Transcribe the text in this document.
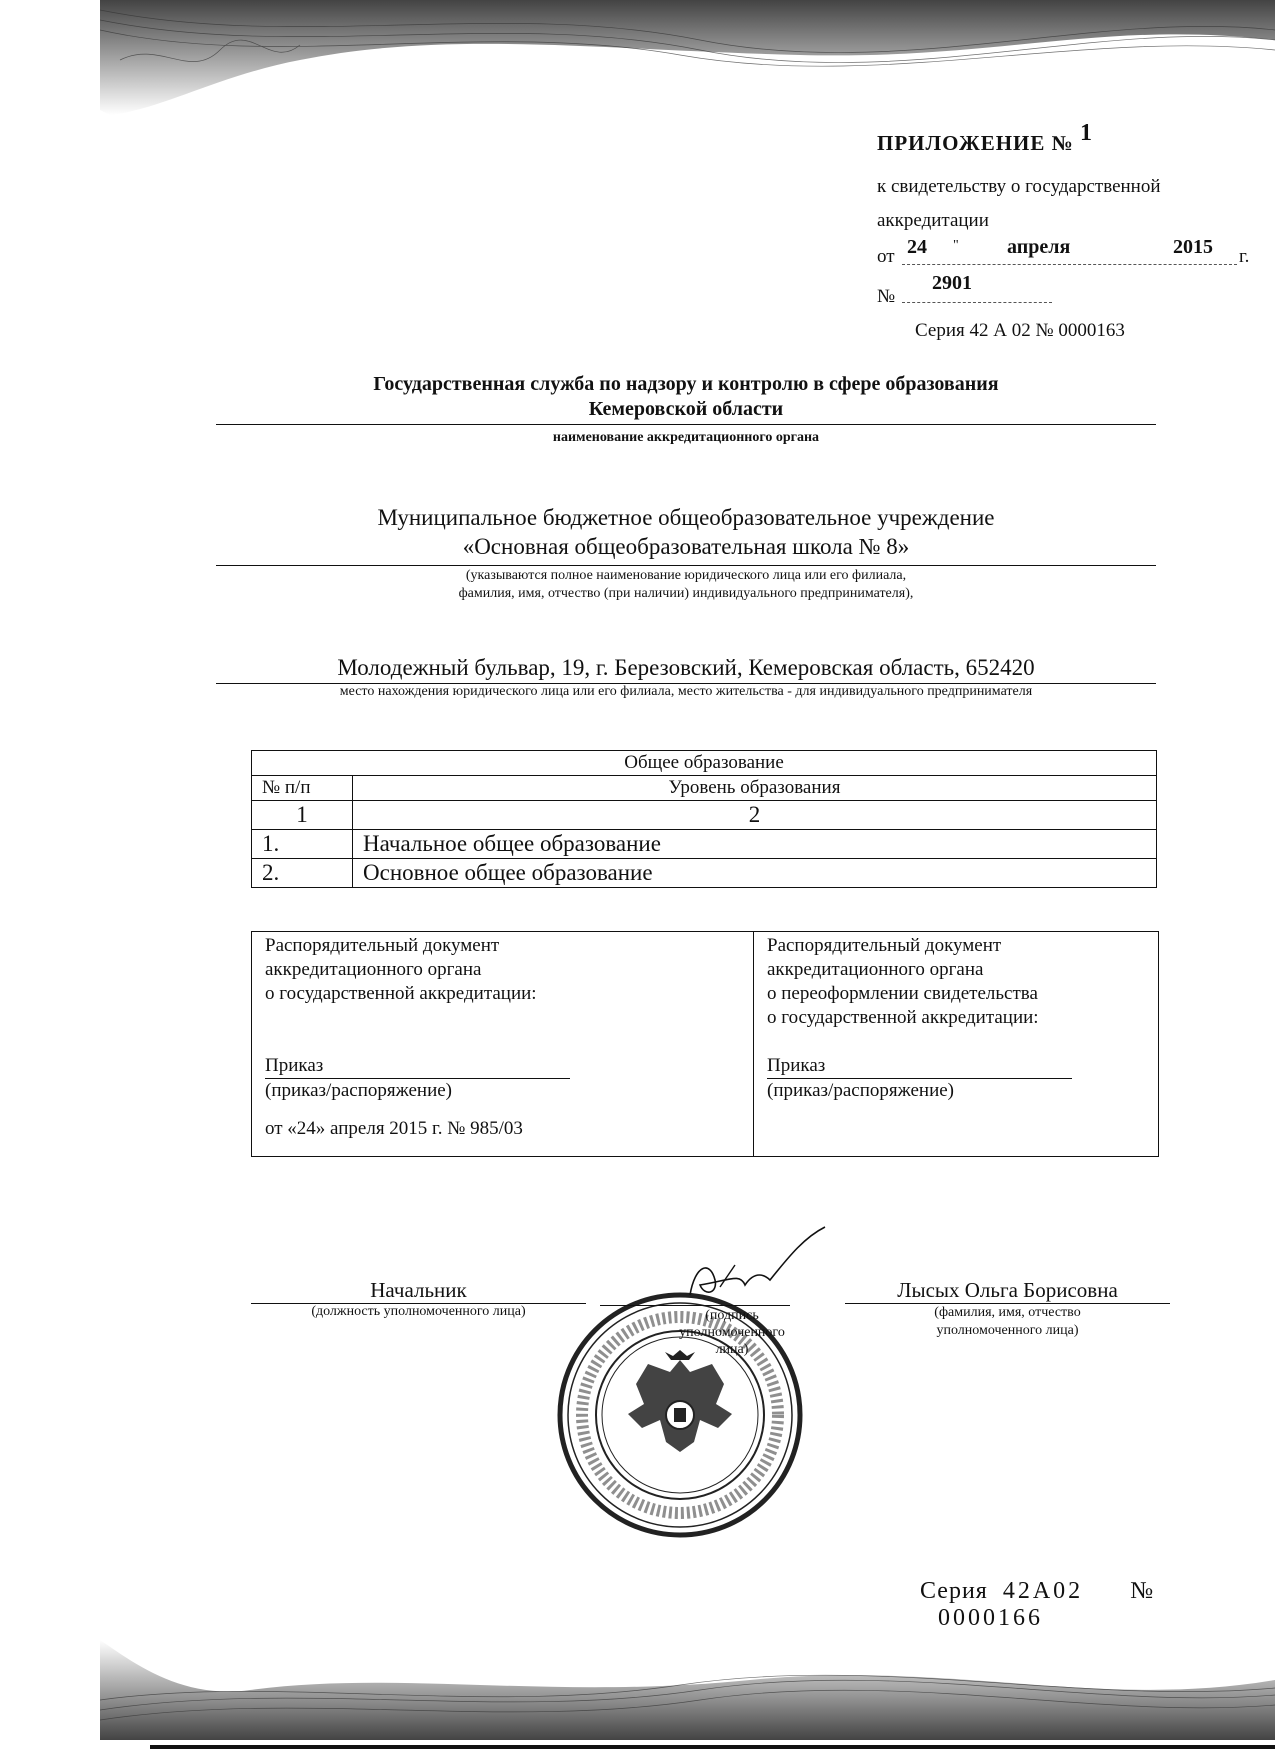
ПРИЛОЖЕНИЕ № 1
к свидетельству о государственной
аккредитации
от 24 " апреля	2015 г.
№
2901
Серия 42 А 02 № 0000163
Государственная служба по надзору и контролю в сфере образования
Кемеровской области
наименование аккредитационного органа
Муниципальное бюджетное общеобразовательное учреждение
«Основная общеобразовательная школа № 8»
(указываются полное наименование юридического лица или его филиала,
фамилия, имя, отчество (при наличии) индивидуального предпринимателя),
Молодежный бульвар, 19, г. Березовский, Кемеровская область, 652420
место нахождения юридического лица или его филиала, место жительства - для индивидуального предпринимателя
Общее образование	
№ п/п	Уровень образования
1	2
1.	Начальное общее образование
2.	Основное общее образование
Распорядительный документ
аккредитационного органа
о государственной аккредитации:
Приказ
(приказ/распоряжение)
от «24» апреля 2015 г. № 985/03
Распорядительный документ
аккредитационного органа
о переоформлении свидетельства
о государственной аккредитации:
Приказ
(приказ/распоряжение)
Начальник
(должность уполномоченного лица)	(подпись
уполномоченного
лица)
Лысых Ольга Борисовна
(фамилия, имя, отчество
уполномоченного лица)
Серия 42А02 № 0000166
